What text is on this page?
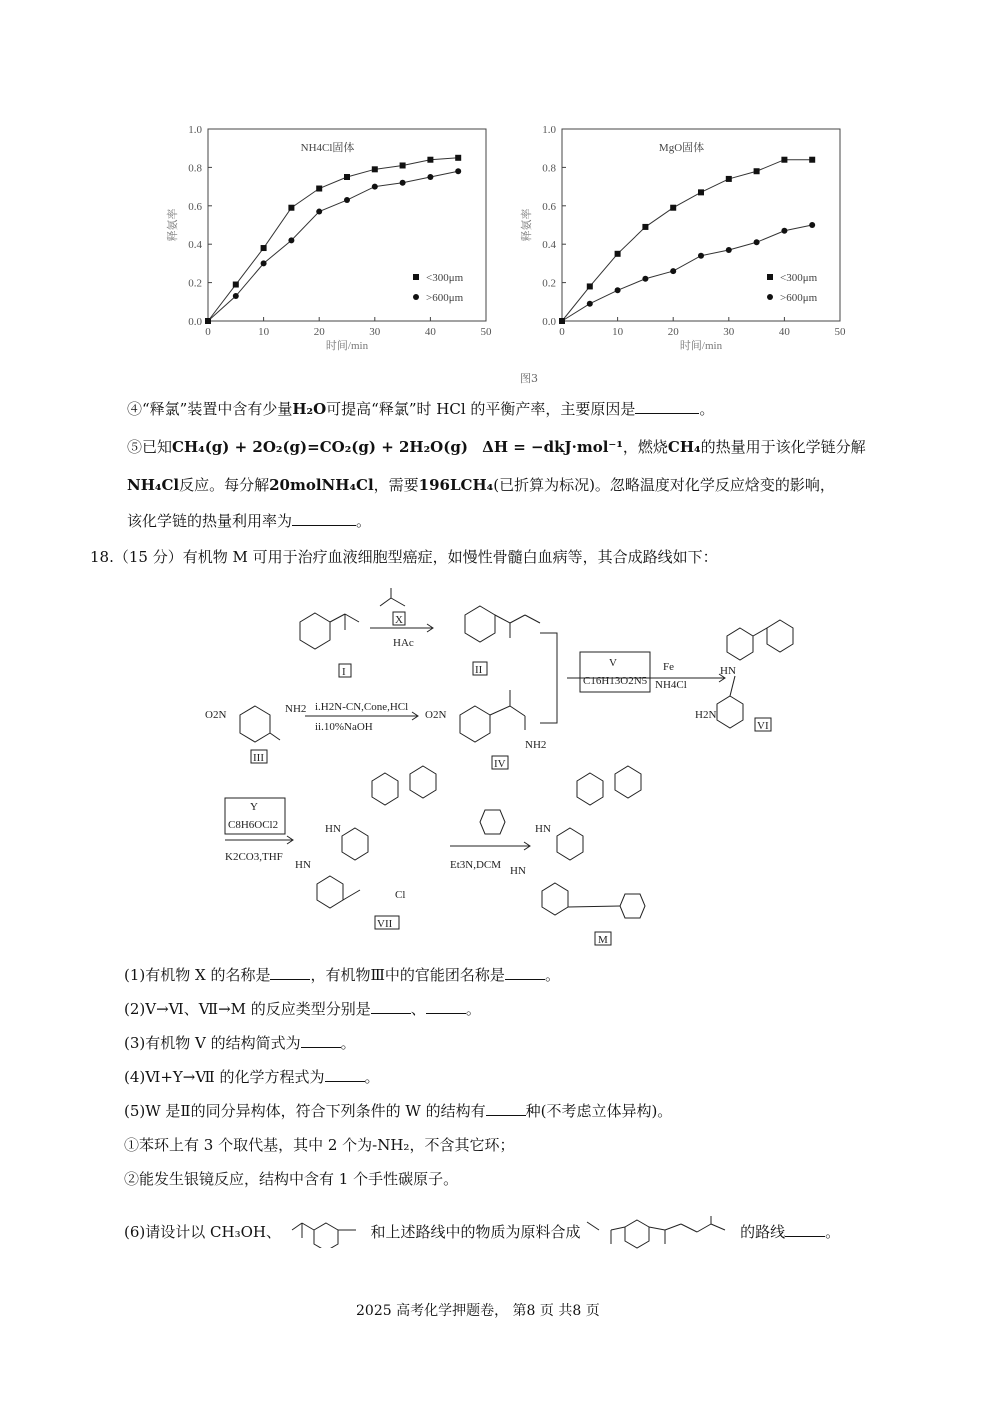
0	10	20	30	40	50
0.0
0.2
0.4
0.6
0.8
1.0
NH4Cl固体
时间/min
释氨率
<300μm
>600μm
0	10	20	30	40	50
0.0
0.2
0.4
0.6
0.8
1.0
MgO固体
时间/min
释氨率
<300μm
>600μm
图3
④“释氯”装置中含有少量H₂O可提高“释氯”时 HCl 的平衡产率，主要原因是	。
⑤已知CH₄(g) + 2O₂(g)=CO₂(g) + 2H₂O(g) ΔH = −dkJ·mol⁻¹，燃烧CH₄的热量用于该化学链分解
NH₄Cl反应。每分解20molNH₄Cl，需要196LCH₄(已折算为标况)。忽略温度对化学反应焓变的影响，
该化学链的热量利用率为	。
18.（15 分）有机物 M 可用于治疗血液细胞型癌症，如慢性骨髓白血病等，其合成路线如下：
I	II
III	IV
VI
VII
M
X
HAc
V
C16H13O2N5
Fe
NH4Cl
i.H2N-CN,Cone,HCl
ii.10%NaOH
O2N	NH2	O2N
NH2
H2N
HN
Y
C8H6OCl2
K2CO3,THF
HN
HN
Cl
Et3N,DCM
HN
HN
(1)有机物 X 的名称是	，有机物Ⅲ中的官能团名称是	。
(2)V→Ⅵ、Ⅶ→M 的反应类型分别是	、	。
(3)有机物 V 的结构简式为	。
(4)Ⅵ+Y→Ⅶ 的化学方程式为	。
(5)W 是Ⅱ的同分异构体，符合下列条件的 W 的结构有	种(不考虑立体异构)。
①苯环上有 3 个取代基，其中 2 个为-NH₂，不含其它环；
②能发生银镜反应，结构中含有 1 个手性碳原子。
(6)请设计以 CH₃OH、	和上述路线中的物质为原料合成	的路线	。
2025 高考化学押题卷， 第8 页 共8 页
